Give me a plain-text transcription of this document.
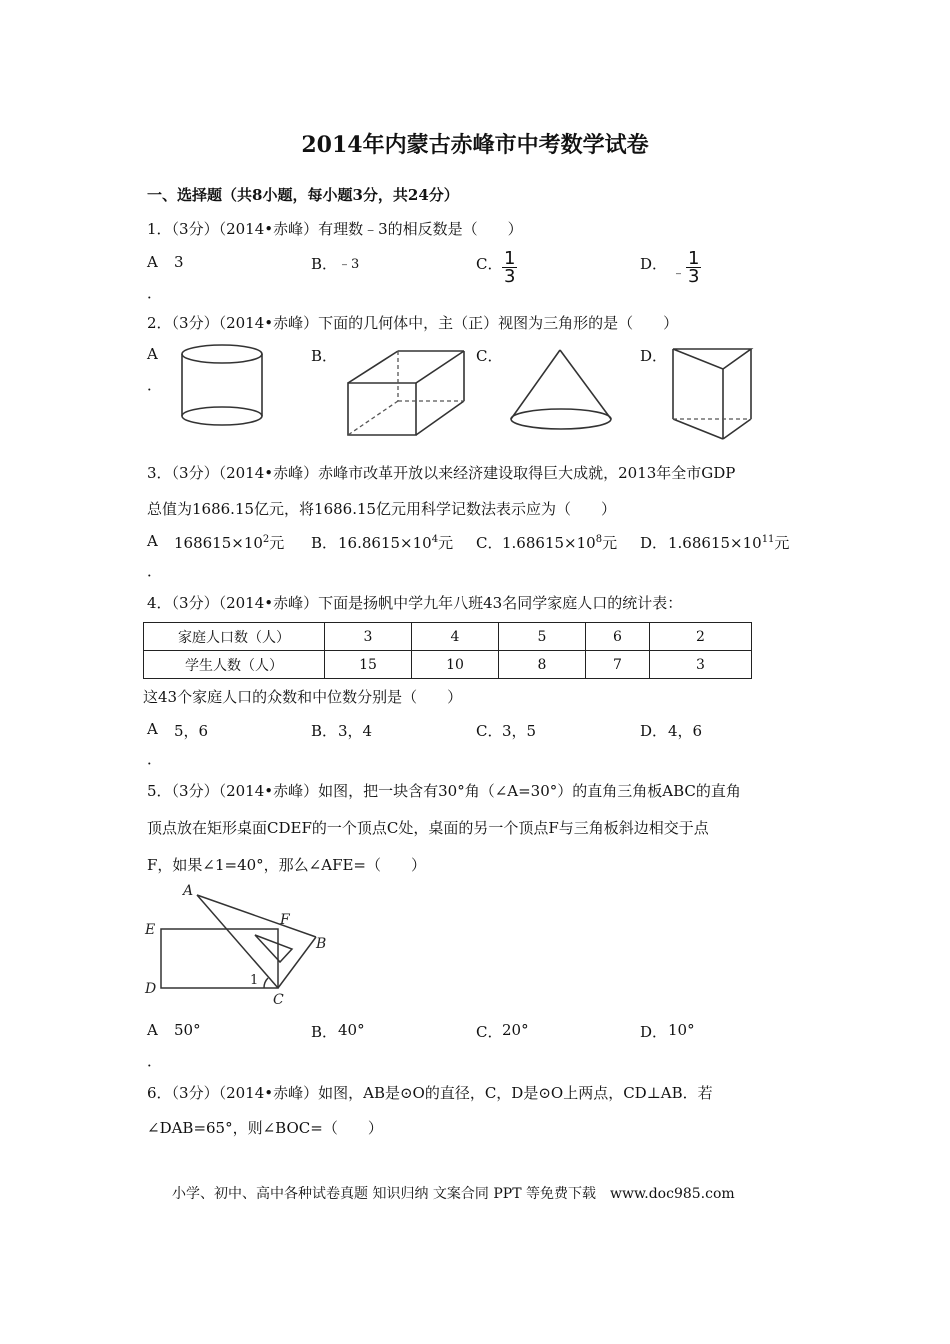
2014年内蒙古赤峰市中考数学试卷
一、选择题（共8小题，每小题3分，共24分）
1．（3分）（2014•赤峰）有理数﹣3的相反数是（　　）
A 3
．
B． ﹣3	C． $\frac{1}{3}$	D．
﹣ $\frac{1}{3}$
2．（3分）（2014•赤峰）下面的几何体中，主（正）视图为三角形的是（　　）
A
．
B．	C．	D．
3．（3分）（2014•赤峰）赤峰市改革开放以来经济建设取得巨大成就，2013年全市GDP
总值为1686.15亿元，将1686.15亿元用科学记数法表示应为（　　）
A $168615\times 10^2$元
．
B． $16.8615\times 10^4$元 C． $1.68615\times 10^8$元 D． $1.68615\times 10^{11}$元
4．（3分）（2014•赤峰）下面是扬帆中学九年八班43名同学家庭人口的统计表：
家庭人口数（人）	3	4	5	6	2
学生人数（人）	15	10	8	7	3
这43个家庭人口的众数和中位数分别是（　　）
A 5，6
．
B． 3，4	C． 3，5	D． 4，6
5．（3分）（2014•赤峰）如图，把一块含有30°角（∠A=30°）的直角三角板ABC的直角
顶点放在矩形桌面CDEF的一个顶点C处，桌面的另一个顶点F与三角板斜边相交于点
F，如果∠1=40°，那么∠AFE=（　　）
A
F
B
E
D
C
1
A 50°
．
B． 40°	C． 20°	D． 10°
6．（3分）（2014•赤峰）如图，AB是⊙O的直径，C，D是⊙O上两点，CD⊥AB．若
∠DAB=65°，则∠BOC=（　　）
小学、初中、高中各种试卷真题 知识归纳 文案合同 PPT 等免费下载　www.doc985.com
